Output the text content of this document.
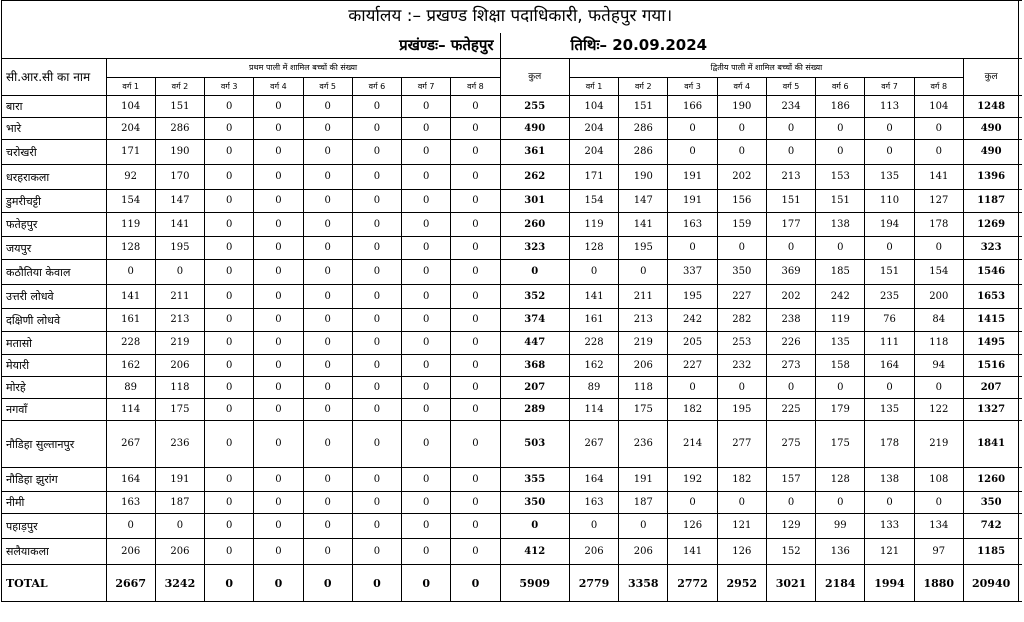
कार्यालय :– प्रखण्ड शिक्षा पदाधिकारी, फतेहपुर गया।																			
प्रखंण्डः– फतेहपुर									तिथिः– 20.09.2024										
सी.आर.सी का नाम	प्रथम पाली में शामिल बच्चों की संख्या								कुल	द्वितीय पाली में शामिल बच्चों की संख्या								कुल	
	वर्ग 1	वर्ग 2	वर्ग 3	वर्ग 4	वर्ग 5	वर्ग 6	वर्ग 7	वर्ग 8		वर्ग 1	वर्ग 2	वर्ग 3	वर्ग 4	वर्ग 5	वर्ग 6	वर्ग 7	वर्ग 8		
बारा	104	151	0	0	0	0	0	0	255	104	151	166	190	234	186	113	104	1248	
भारे	204	286	0	0	0	0	0	0	490	204	286	0	0	0	0	0	0	490	
चरोखरी	171	190	0	0	0	0	0	0	361	204	286	0	0	0	0	0	0	490	
धरहराकला	92	170	0	0	0	0	0	0	262	171	190	191	202	213	153	135	141	1396	
डुमरीचट्टी	154	147	0	0	0	0	0	0	301	154	147	191	156	151	151	110	127	1187	
फतेहपुर	119	141	0	0	0	0	0	0	260	119	141	163	159	177	138	194	178	1269	
जयपुर	128	195	0	0	0	0	0	0	323	128	195	0	0	0	0	0	0	323	
कठौतिया केवाल	0	0	0	0	0	0	0	0	0	0	0	337	350	369	185	151	154	1546	
उत्तरी लोधवे	141	211	0	0	0	0	0	0	352	141	211	195	227	202	242	235	200	1653	
दक्षिणी लोधवे	161	213	0	0	0	0	0	0	374	161	213	242	282	238	119	76	84	1415	
मतासो	228	219	0	0	0	0	0	0	447	228	219	205	253	226	135	111	118	1495	
मेयारी	162	206	0	0	0	0	0	0	368	162	206	227	232	273	158	164	94	1516	
मोरहे	89	118	0	0	0	0	0	0	207	89	118	0	0	0	0	0	0	207	
नगवाँ	114	175	0	0	0	0	0	0	289	114	175	182	195	225	179	135	122	1327	
नौडिहा सुल्तानपुर	267	236	0	0	0	0	0	0	503	267	236	214	277	275	175	178	219	1841	
नौडिहा झुरांग	164	191	0	0	0	0	0	0	355	164	191	192	182	157	128	138	108	1260	
नीमी	163	187	0	0	0	0	0	0	350	163	187	0	0	0	0	0	0	350	
पहाड़पुर	0	0	0	0	0	0	0	0	0	0	0	126	121	129	99	133	134	742	
सलैयाकला	206	206	0	0	0	0	0	0	412	206	206	141	126	152	136	121	97	1185	
TOTAL	2667	3242	0	0	0	0	0	0	5909	2779	3358	2772	2952	3021	2184	1994	1880	20940	
